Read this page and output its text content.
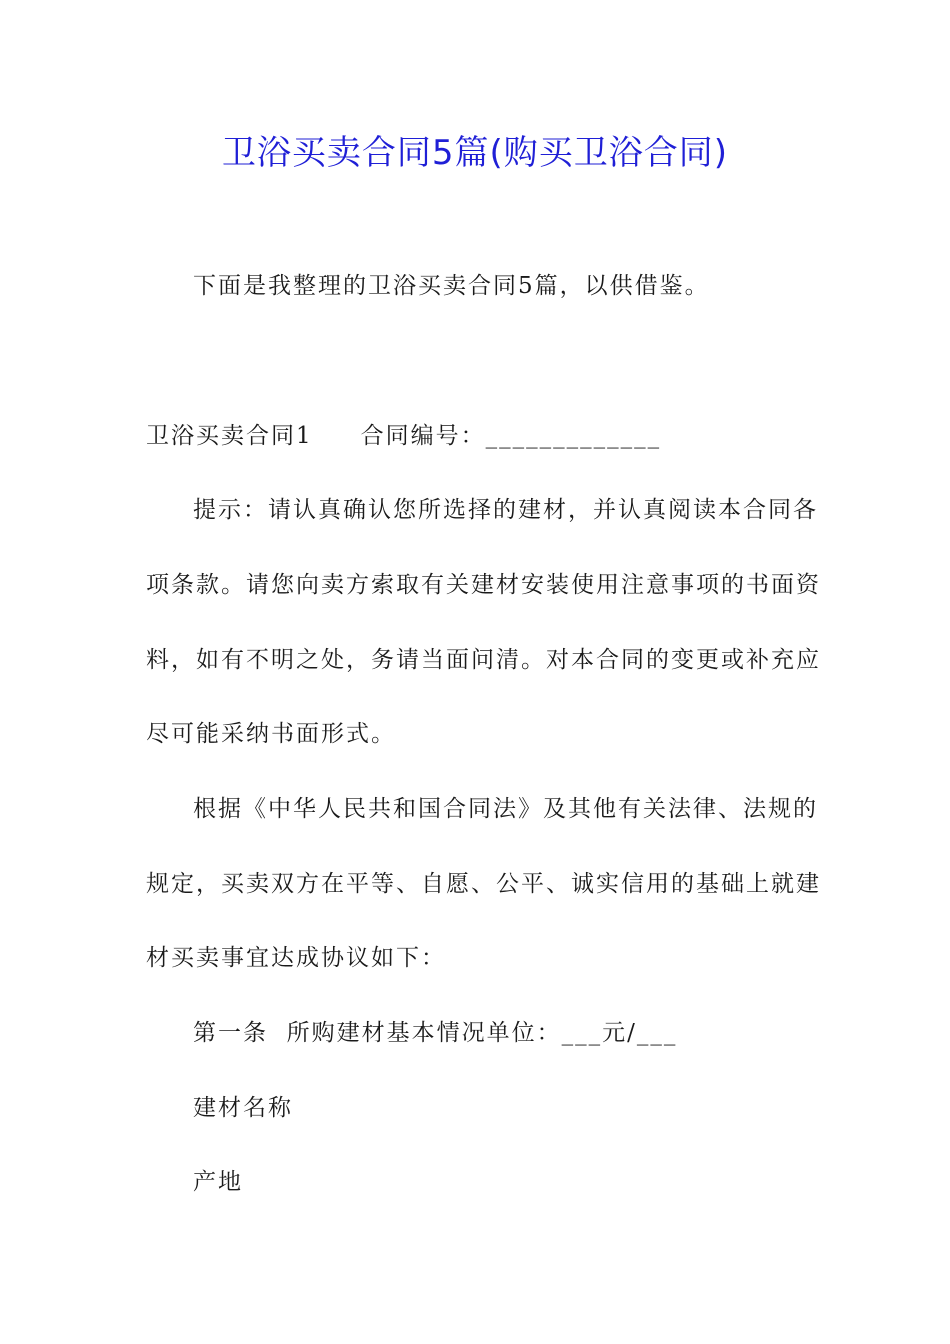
卫浴买卖合同5篇(购买卫浴合同)

下面是我整理的卫浴买卖合同5篇，以供借鉴。

卫浴买卖合同1 合同编号：_____________

提示：请认真确认您所选择的建材，并认真阅读本合同各

项条款。请您向卖方索取有关建材安装使用注意事项的书面资

料，如有不明之处，务请当面问清。对本合同的变更或补充应

尽可能采纳书面形式。

根据《中华人民共和国合同法》及其他有关法律、法规的

规定，买卖双方在平等、自愿、公平、诚实信用的基础上就建

材买卖事宜达成协议如下：

第一条  所购建材基本情况单位：___元/___

建材名称

产地
